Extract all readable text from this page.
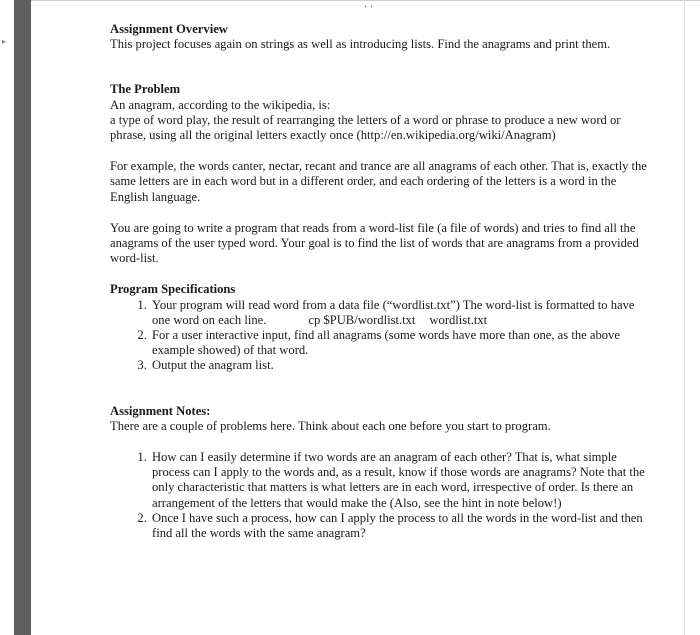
▸
. .
Assignment Overview

This project focuses again on strings as well as introducing lists. Find the anagrams and print them.

The Problem

An anagram, according to the wikipedia, is:

a type of word play, the result of rearranging the letters of a word or phrase to produce a new word or phrase, using all the original letters exactly once (http://en.wikipedia.org/wiki/Anagram)

For example, the words canter, nectar, recant and trance are all anagrams of each other. That is, exactly the same letters are in each word but in a different order, and each ordering of the letters is a word in the English language.

You are going to write a program that reads from a word-list file (a file of words) and tries to find all the anagrams of the user typed word. Your goal is to find the list of words that are anagrams from a provided word-list.

Program Specifications
1. Your program will read word from a data file (“wordlist.txt”) The word-list is formatted to have one word on each line.	cp $PUB/wordlist.txt wordlist.txt
2. For a user interactive input, find all anagrams (some words have more than one, as the above example showed) of that word.
3. Output the anagram list.
Assignment Notes:

There are a couple of problems here. Think about each one before you start to program.

1. How can I easily determine if two words are an anagram of each other? That is, what simple process can I apply to the words and, as a result, know if those words are anagrams? Note that the only characteristic that matters is what letters are in each word, irrespective of order. Is there an arrangement of the letters that would make the (Also, see the hint in note below!)
2. Once I have such a process, how can I apply the process to all the words in the word-list and then find all the words with the same anagram?
